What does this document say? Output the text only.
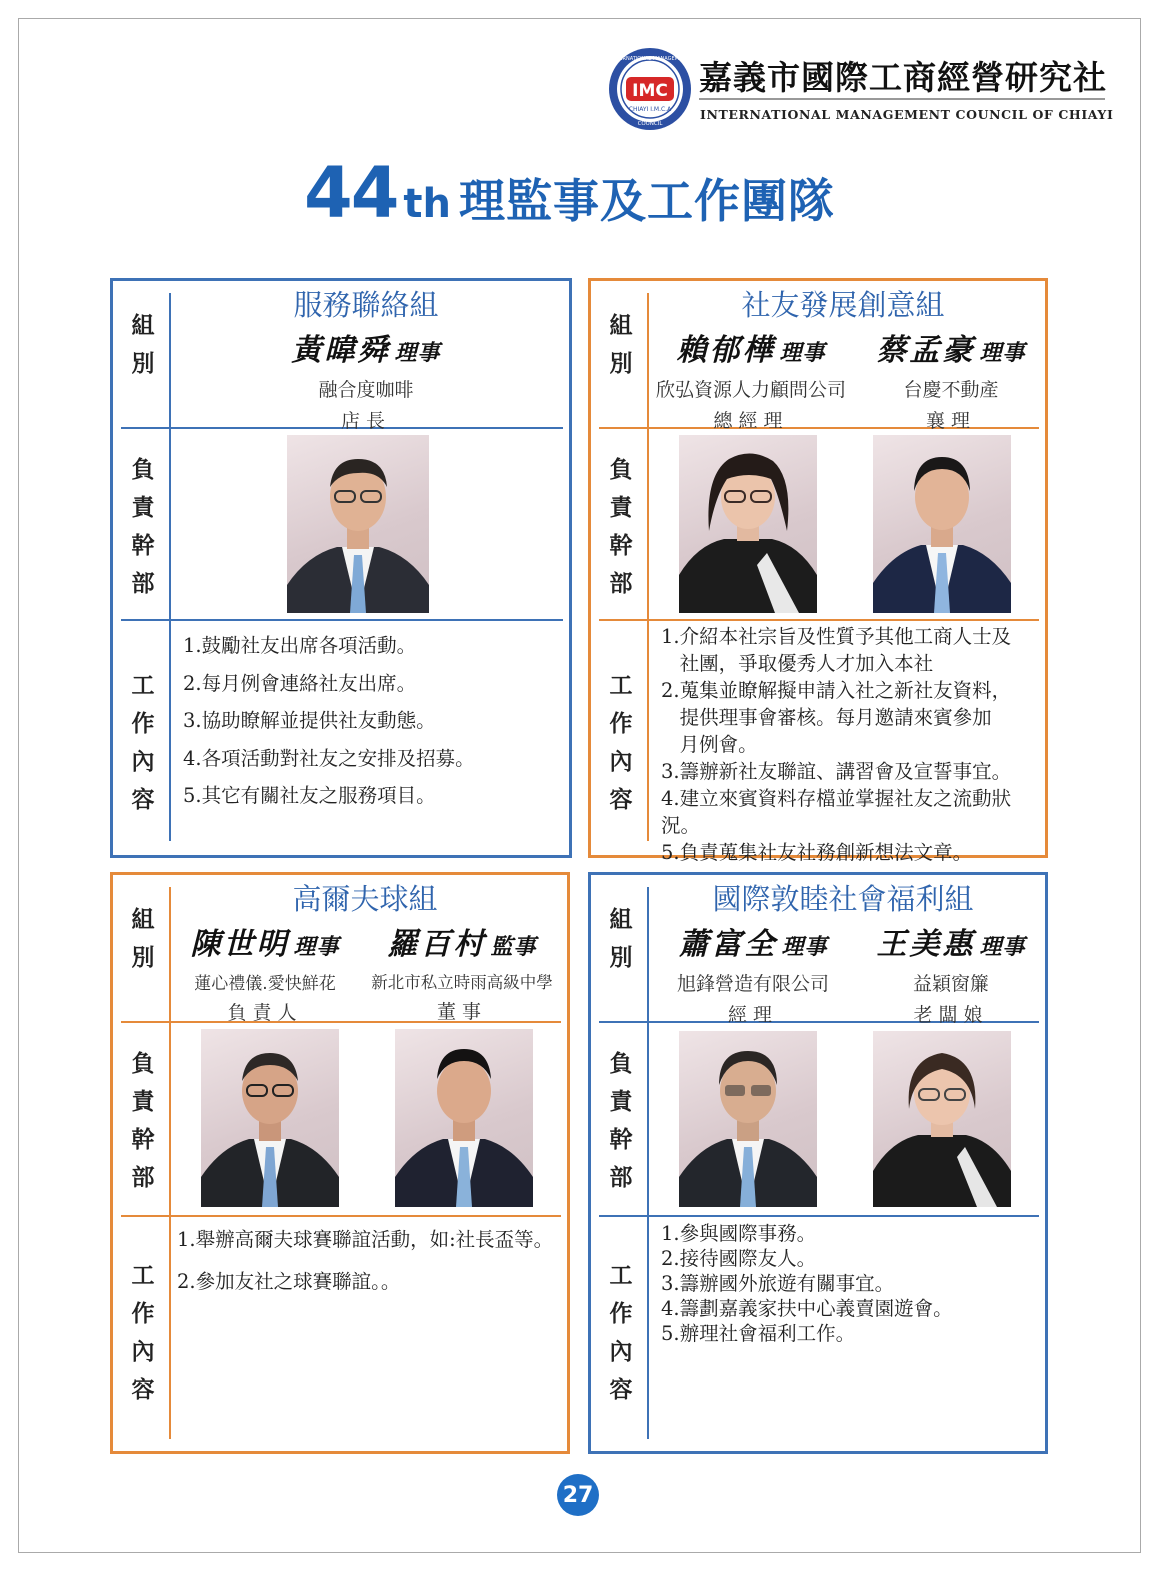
IMC
CHIAYI I.M.C.A
INTERNATIONAL MANAGEMENT
COUNCIL
嘉義市國際工商經營研究社
INTERNATIONAL MANAGEMENT COUNCIL OF CHIAYI
44 th 理監事及工作團隊
組別
負責幹部
工作內容
服務聯絡組
黃暐舜 理事
融合度咖啡
店長
1.鼓勵社友出席各項活動。
2.每月例會連絡社友出席。
3.協助瞭解並提供社友動態。
4.各項活動對社友之安排及招募。
5.其它有關社友之服務項目。
組別
負責幹部
工作內容
社友發展創意組
賴郁樺 理事
欣弘資源人力顧問公司
總經理
蔡孟豪 理事
台慶不動產
襄理
1.介紹本社宗旨及性質予其他工商人士及
社團，爭取優秀人才加入本社
2.蒐集並瞭解擬申請入社之新社友資料，
提供理事會審核。每月邀請來賓參加
月例會。
3.籌辦新社友聯誼、講習會及宣誓事宜。
4.建立來賓資料存檔並掌握社友之流動狀況。
5.負責蒐集社友社務創新想法文章。
組別
負責幹部
工作內容
高爾夫球組
陳世明 理事
蓮心禮儀.愛快鮮花
負責人
羅百村 監事
新北市私立時雨高級中學
董事
1.舉辦高爾夫球賽聯誼活動，如:社長盃等。
2.參加友社之球賽聯誼。。
組別
負責幹部
工作內容
國際敦睦社會福利組
蕭富全 理事
旭鋒營造有限公司
經理
王美惠 理事
益穎窗簾
老闆娘
1.參與國際事務。
2.接待國際友人。
3.籌辦國外旅遊有關事宜。
4.籌劃嘉義家扶中心義賣園遊會。
5.辦理社會福利工作。
27
